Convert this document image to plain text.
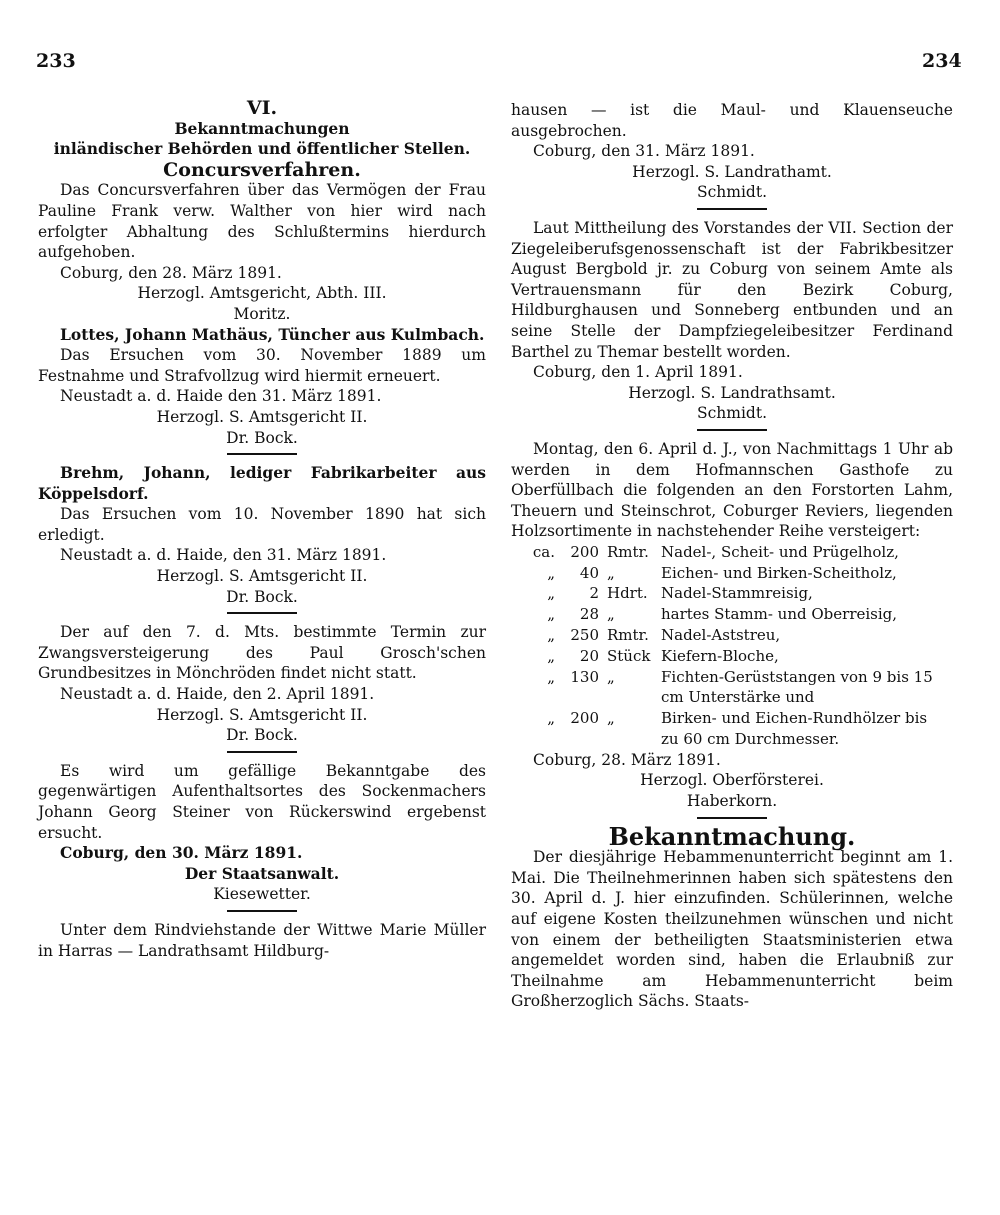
233	234

VI.

Bekanntmachungen

inländischer Behörden und öffentlicher Stellen.

Concursverfahren.

Das Concursverfahren über das Vermögen der Frau Pauline Frank verw. Walther von hier wird nach erfolgter Abhaltung des Schlußtermins hierdurch aufgehoben.

Coburg, den 28. März 1891.

Herzogl. Amtsgericht, Abth. III.

Moritz.

Lottes, Johann Mathäus, Tüncher aus Kulmbach.

Das Ersuchen vom 30. November 1889 um Festnahme und Strafvollzug wird hiermit erneuert.

Neustadt a. d. Haide den 31. März 1891.

Herzogl. S. Amtsgericht II.

Dr. Bock.

Brehm, Johann, lediger Fabrikarbeiter aus Köppelsdorf.

Das Ersuchen vom 10. November 1890 hat sich erledigt.

Neustadt a. d. Haide, den 31. März 1891.

Herzogl. S. Amtsgericht II.

Dr. Bock.

Der auf den 7. d. Mts. bestimmte Termin zur Zwangsversteigerung des Paul Grosch'schen Grundbesitzes in Mönchröden findet nicht statt.

Neustadt a. d. Haide, den 2. April 1891.

Herzogl. S. Amtsgericht II.

Dr. Bock.

Es wird um gefällige Bekanntgabe des gegenwärtigen Aufenthaltsortes des Sockenmachers Johann Georg Steiner von Rückerswind ergebenst ersucht.

Coburg, den 30. März 1891.

Der Staatsanwalt.

Kiesewetter.

Unter dem Rindviehstande der Wittwe Marie Müller in Harras — Landrathsamt Hildburg-

hausen — ist die Maul- und Klauenseuche ausgebrochen.

Coburg, den 31. März 1891.

Herzogl. S. Landrathamt.

Schmidt.

Laut Mittheilung des Vorstandes der VII. Section der Ziegeleiberufsgenossenschaft ist der Fabrikbesitzer August Bergbold jr. zu Coburg von seinem Amte als Vertrauensmann für den Bezirk Coburg, Hildburghausen und Sonneberg entbunden und an seine Stelle der Dampfziegeleibesitzer Ferdinand Barthel zu Themar bestellt worden.

Coburg, den 1. April 1891.

Herzogl. S. Landrathsamt.

Schmidt.

Montag, den 6. April d. J., von Nachmittags 1 Uhr ab werden in dem Hofmannschen Gasthofe zu Oberfüllbach die folgenden an den Forstorten Lahm, Theuern und Steinschrot, Coburger Reviers, liegenden Holzsortimente in nachstehender Reihe versteigert:

ca.	200	Rmtr.	Nadel-, Scheit- und Prügelholz,
„	40	„	Eichen- und Birken-Scheitholz,
„	2	Hdrt.	Nadel-Stammreisig,
„	28	„	hartes Stamm- und Oberreisig,
„	250	Rmtr.	Nadel-Aststreu,
„	20	Stück	Kiefern-Bloche,
„	130	„	Fichten-Gerüststangen von 9 bis 15 cm Unterstärke und
„	200	„	Birken- und Eichen-Rundhölzer bis zu 60 cm Durchmesser.

Coburg, 28. März 1891.

Herzogl. Oberförsterei.

Haberkorn.

Bekanntmachung.

Der diesjährige Hebammenunterricht beginnt am 1. Mai. Die Theilnehmerinnen haben sich spätestens den 30. April d. J. hier einzufinden. Schülerinnen, welche auf eigene Kosten theilzunehmen wünschen und nicht von einem der betheiligten Staatsministerien etwa angemeldet worden sind, haben die Erlaubniß zur Theilnahme am Hebammenunterricht beim Großherzoglich Sächs. Staats-
